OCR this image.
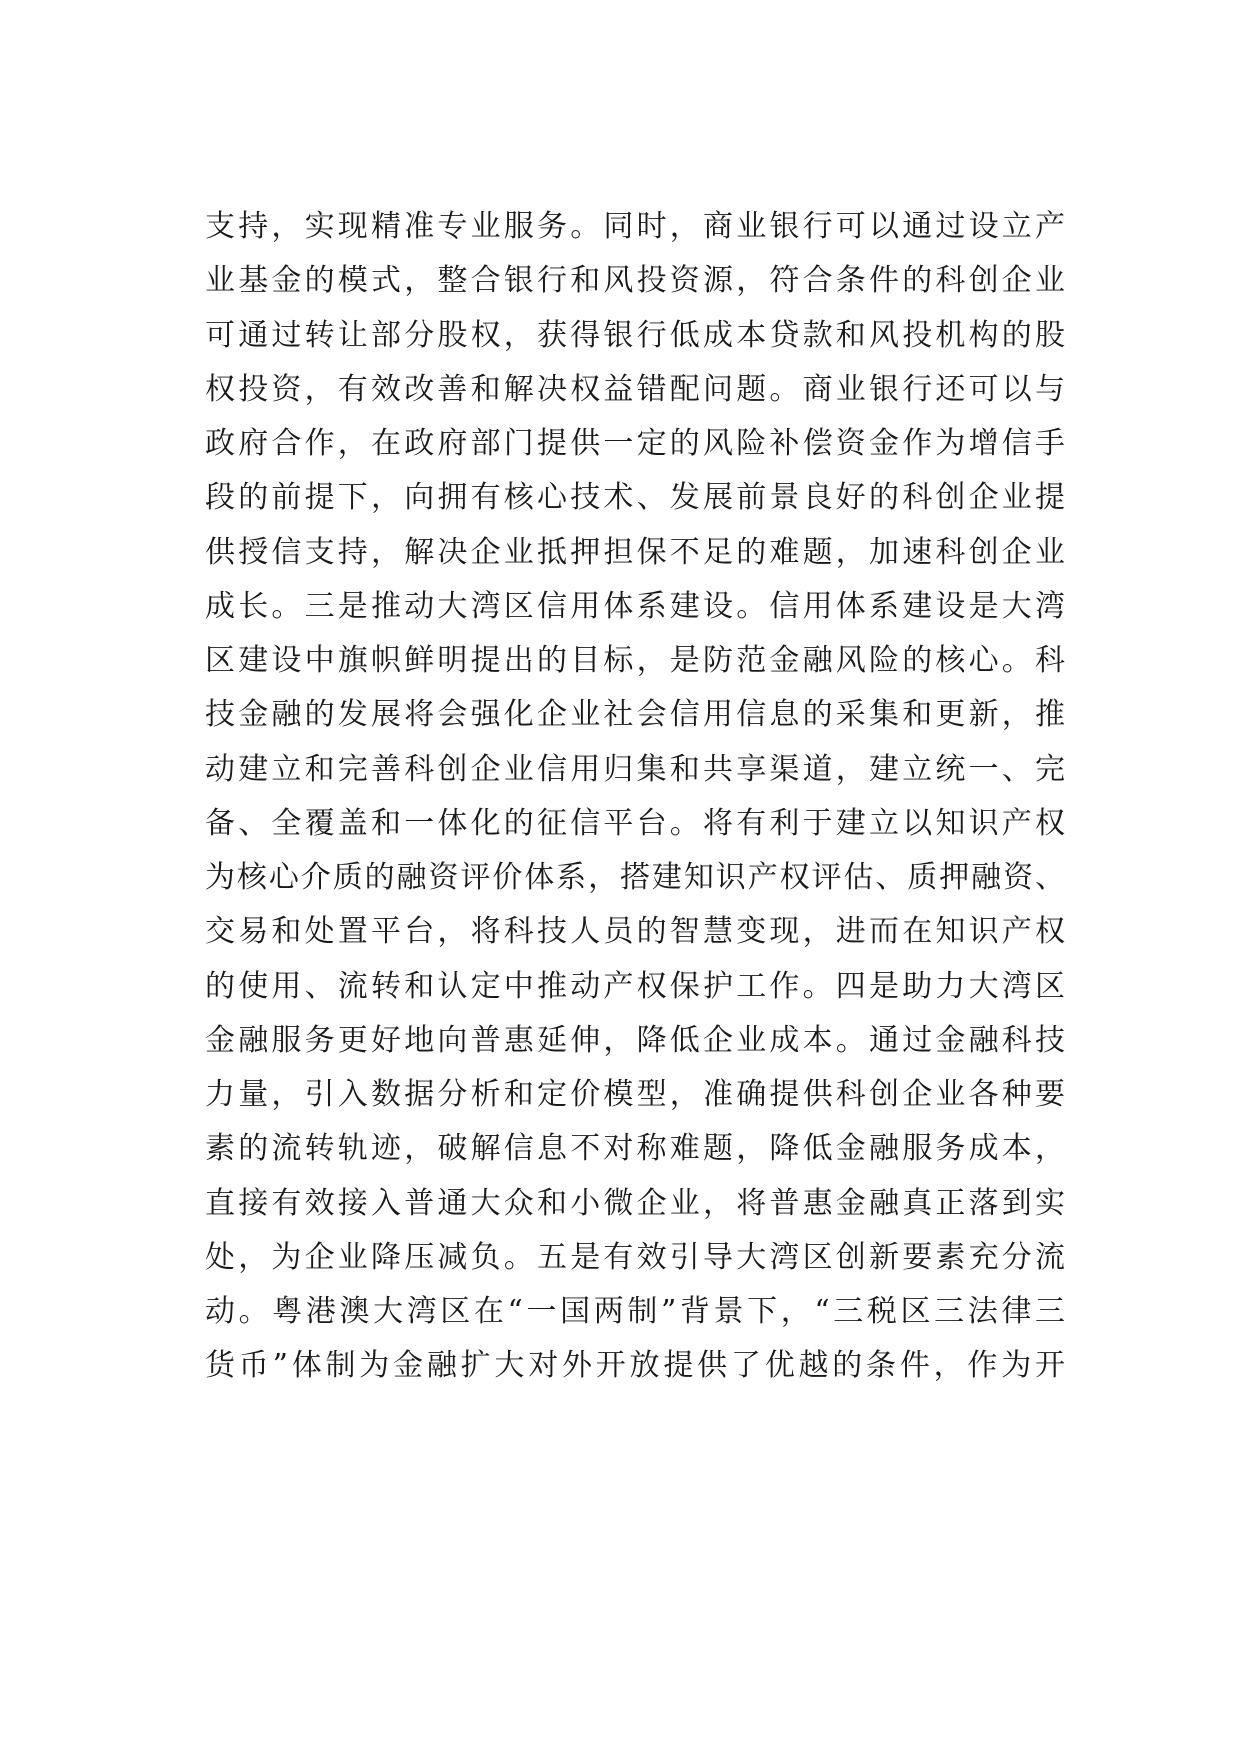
支持，实现精准专业服务。同时，商业银行可以通过设立产
业基金的模式，整合银行和风投资源，符合条件的科创企业
可通过转让部分股权，获得银行低成本贷款和风投机构的股
权投资，有效改善和解决权益错配问题。商业银行还可以与
政府合作，在政府部门提供一定的风险补偿资金作为增信手
段的前提下，向拥有核心技术、发展前景良好的科创企业提
供授信支持，解决企业抵押担保不足的难题，加速科创企业
成长。三是推动大湾区信用体系建设。信用体系建设是大湾
区建设中旗帜鲜明提出的目标，是防范金融风险的核心。科
技金融的发展将会强化企业社会信用信息的采集和更新，推
动建立和完善科创企业信用归集和共享渠道，建立统一、完
备、全覆盖和一体化的征信平台。将有利于建立以知识产权
为核心介质的融资评价体系，搭建知识产权评估、质押融资、
交易和处置平台，将科技人员的智慧变现，进而在知识产权
的使用、流转和认定中推动产权保护工作。四是助力大湾区
金融服务更好地向普惠延伸，降低企业成本。通过金融科技
力量，引入数据分析和定价模型，准确提供科创企业各种要
素的流转轨迹，破解信息不对称难题，降低金融服务成本，
直接有效接入普通大众和小微企业，将普惠金融真正落到实
处，为企业降压减负。五是有效引导大湾区创新要素充分流
动。粤港澳大湾区在“一国两制”背景下，“三税区三法律三
货币”体制为金融扩大对外开放提供了优越的条件，作为开
